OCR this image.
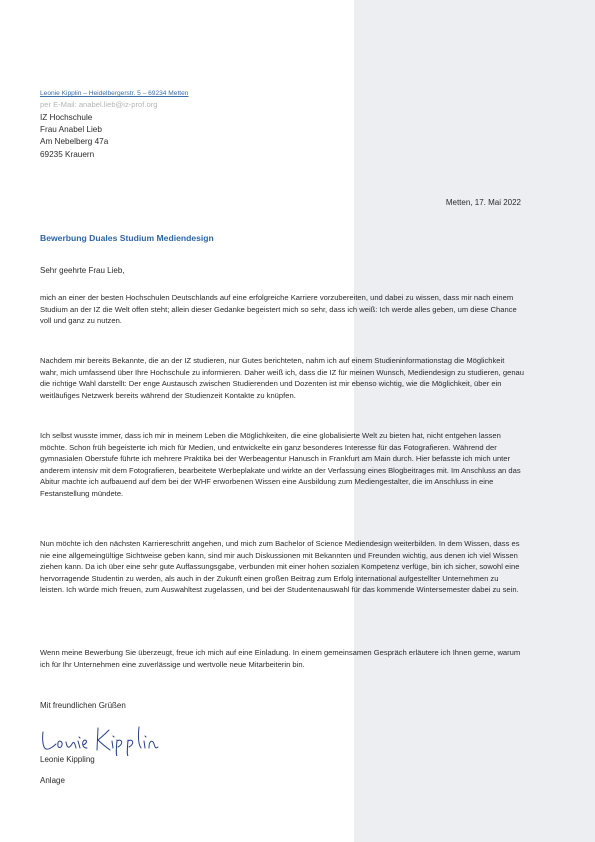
Leonie Kipplin – Heidelbergerstr. 5 – 69234 Metten
per E-Mail: anabel.lieb@iz-prof.org
IZ Hochschule
Frau Anabel Lieb
Am Nebelberg 47a
69235 Krauern
Metten, 17. Mai 2022
Bewerbung Duales Studium Mediendesign
Sehr geehrte Frau Lieb,

mich an einer der besten Hochschulen Deutschlands auf eine erfolgreiche Karriere vorzubereiten, und dabei zu wissen, dass mir nach einem Studium an der IZ die Welt offen steht; allein dieser Gedanke begeistert mich so sehr, dass ich weiß: Ich werde alles geben, um diese Chance voll und ganz zu nutzen.

Nachdem mir bereits Bekannte, die an der IZ studieren, nur Gutes berichteten, nahm ich auf einem Studieninformationstag die Möglichkeit wahr, mich umfassend über Ihre Hochschule zu informieren. Daher weiß ich, dass die IZ für meinen Wunsch, Mediendesign zu studieren, genau die richtige Wahl darstellt: Der enge Austausch zwischen Studierenden und Dozenten ist mir ebenso wichtig, wie die Möglichkeit, über ein weitläufiges Netzwerk bereits während der Studienzeit Kontakte zu knüpfen.

Ich selbst wusste immer, dass ich mir in meinem Leben die Möglichkeiten, die eine globalisierte Welt zu bieten hat, nicht entgehen lassen möchte. Schon früh begeisterte ich mich für Medien, und entwickelte ein ganz besonderes Interesse für das Fotografieren. Während der gymnasialen Oberstufe führte ich mehrere Praktika bei der Werbeagentur Hanusch in Frankfurt am Main durch. Hier befasste ich mich unter anderem intensiv mit dem Fotografieren, bearbeitete Werbeplakate und wirkte an der Verfassung eines Blogbeitrages mit. Im Anschluss an das Abitur machte ich aufbauend auf dem bei der WHF erworbenen Wissen eine Ausbildung zum Mediengestalter, die im Anschluss in eine Festanstellung mündete.

Nun möchte ich den nächsten Karriereschritt angehen, und mich zum Bachelor of Science Mediendesign weiterbilden. In dem Wissen, dass es nie eine allgemeingültige Sichtweise geben kann, sind mir auch Diskussionen mit Bekannten und Freunden wichtig, aus denen ich viel Wissen ziehen kann. Da ich über eine sehr gute Auffassungsgabe, verbunden mit einer hohen sozialen Kompetenz verfüge, bin ich sicher, sowohl eine hervorragende Studentin zu werden, als auch in der Zukunft einen großen Beitrag zum Erfolg international aufgestellter Unternehmen zu leisten. Ich würde mich freuen, zum Auswahltest zugelassen, und bei der Studentenauswahl für das kommende Wintersemester dabei zu sein.

Wenn meine Bewerbung Sie überzeugt, freue ich mich auf eine Einladung. In einem gemeinsamen Gespräch erläutere ich Ihnen gerne, warum ich für Ihr Unternehmen eine zuverlässige und wertvolle neue Mitarbeiterin bin.

Mit freundlichen Grüßen
Leonie Kippling
Anlage
